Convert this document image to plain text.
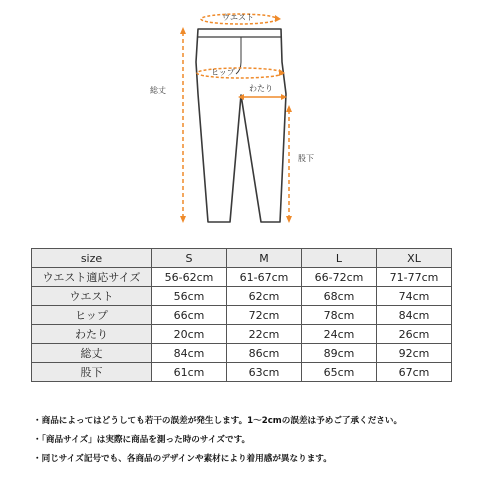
ウエスト
ヒップ
わたり
総丈
股下
size	S	M	L	XL
ウエスト適応サイズ	56-62cm	61-67cm	66-72cm	71-77cm
ウエスト	56cm	62cm	68cm	74cm
ヒップ	66cm	72cm	78cm	84cm
わたり	20cm	22cm	24cm	26cm
総丈	84cm	86cm	89cm	92cm
股下	61cm	63cm	65cm	67cm
・商品によってはどうしても若干の誤差が発生します。1～2cmの誤差は予めご了承ください。
・「商品サイズ」は実際に商品を測った時のサイズです。
・同じサイズ記号でも、各商品のデザインや素材により着用感が異なります。
